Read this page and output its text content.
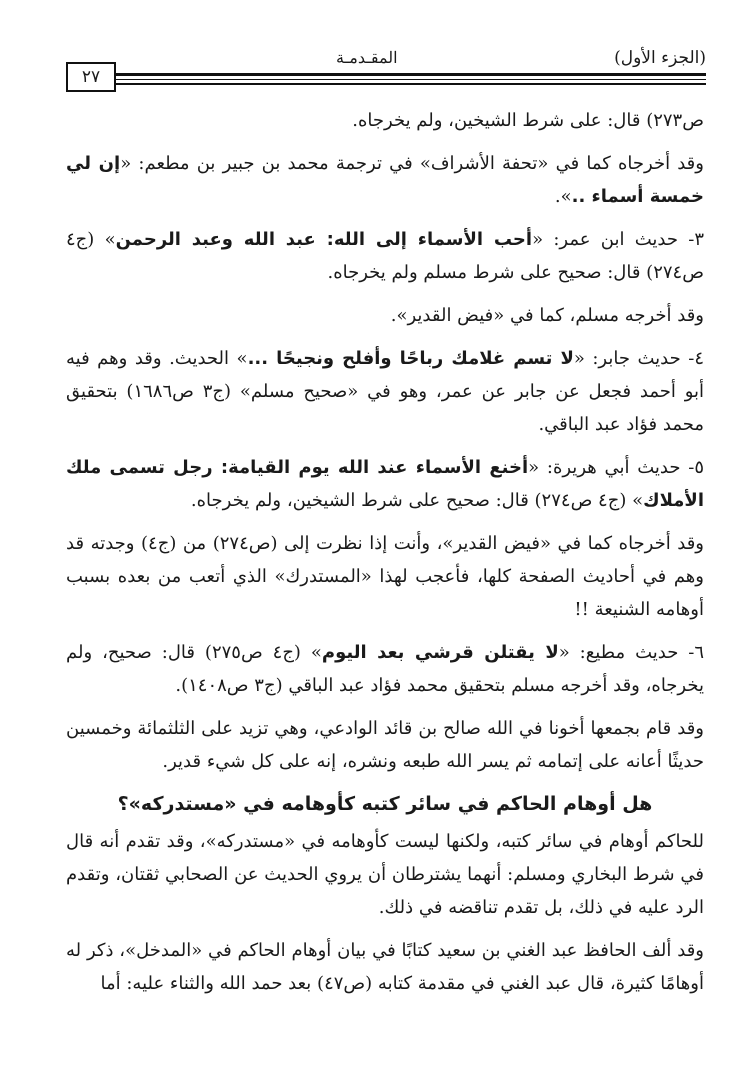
٢٧
المقـدمـة	(الجزء الأول)

ص٢٧٣) قال: على شرط الشيخين، ولم يخرجاه.

وقد أخرجاه كما في «تحفة الأشراف» في ترجمة محمد بن جبير بن مطعم: «إن لي خمسة أسماء ..».

٣- حديث ابن عمر: «أحب الأسماء إلى الله: عبد الله وعبد الرحمن» (ج٤ ص٢٧٤) قال: صحيح على شرط مسلم ولم يخرجاه.

وقد أخرجه مسلم، كما في «فيض القدير».

٤- حديث جابر: «لا تسم غلامك رباحًا وأفلح ونجيحًا ...» الحديث. وقد وهم فيه أبو أحمد فجعل عن جابر عن عمر، وهو في «صحيح مسلم» (ج٣ ص١٦٨٦) بتحقيق محمد فؤاد عبد الباقي.

٥- حديث أبي هريرة: «أخنع الأسماء عند الله يوم القيامة: رجل تسمى ملك الأملاك» (ج٤ ص٢٧٤) قال: صحيح على شرط الشيخين، ولم يخرجاه.

وقد أخرجاه كما في «فيض القدير»، وأنت إذا نظرت إلى (ص٢٧٤) من (ج٤) وجدته قد وهم في أحاديث الصفحة كلها، فأعجب لهذا «المستدرك» الذي أتعب من بعده بسبب أوهامه الشنيعة !!

٦- حديث مطيع: «لا يقتلن قرشي بعد اليوم» (ج٤ ص٢٧٥) قال: صحيح، ولم يخرجاه، وقد أخرجه مسلم بتحقيق محمد فؤاد عبد الباقي (ج٣ ص١٤٠٨).

وقد قام بجمعها أخونا في الله صالح بن قائد الوادعي، وهي تزيد على الثلثمائة وخمسين حديثًا أعانه على إتمامه ثم يسر الله طبعه ونشره، إنه على كل شيء قدير.

هل أوهام الحاكم في سائر كتبه كأوهامه في «مستدركه»؟

للحاكم أوهام في سائر كتبه، ولكنها ليست كأوهامه في «مستدركه»، وقد تقدم أنه قال في شرط البخاري ومسلم: أنهما يشترطان أن يروي الحديث عن الصحابي ثقتان، وتقدم الرد عليه في ذلك، بل تقدم تناقضه في ذلك.

وقد ألف الحافظ عبد الغني بن سعيد كتابًا في بيان أوهام الحاكم في «المدخل»، ذكر له أوهامًا كثيرة، قال عبد الغني في مقدمة كتابه (ص٤٧) بعد حمد الله والثناء عليه: أما
